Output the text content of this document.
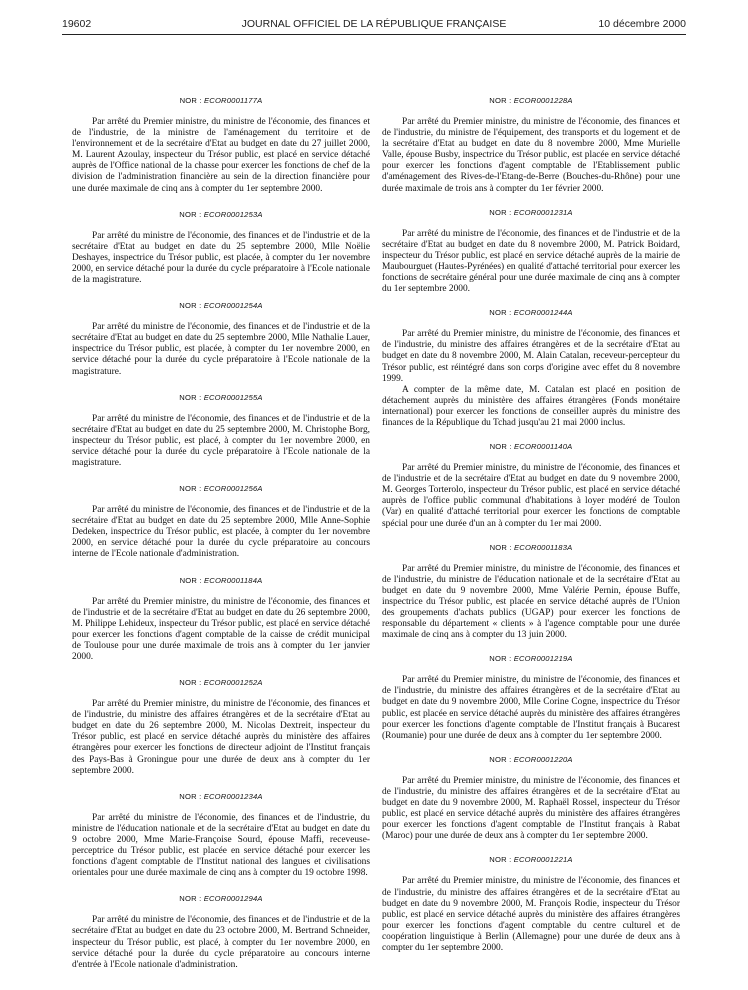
19602	JOURNAL OFFICIEL DE LA RÉPUBLIQUE FRANÇAISE	10 décembre 2000
NOR : ECOR0001177A

Par arrêté du Premier ministre, du ministre de l'économie, des finances et de l'industrie, de la ministre de l'aménagement du territoire et de l'environnement et de la secrétaire d'Etat au budget en date du 27 juillet 2000, M. Laurent Azoulay, inspecteur du Trésor public, est placé en service détaché auprès de l'Office national de la chasse pour exercer les fonctions de chef de la division de l'administration financière au sein de la direction financière pour une durée maximale de cinq ans à compter du 1er septembre 2000.

NOR : ECOR0001253A

Par arrêté du ministre de l'économie, des finances et de l'industrie et de la secrétaire d'Etat au budget en date du 25 septembre 2000, Mlle Noëlie Deshayes, inspectrice du Trésor public, est placée, à compter du 1er novembre 2000, en service détaché pour la durée du cycle préparatoire à l'Ecole nationale de la magistrature.

NOR : ECOR0001254A

Par arrêté du ministre de l'économie, des finances et de l'industrie et de la secrétaire d'Etat au budget en date du 25 septembre 2000, Mlle Nathalie Lauer, inspectrice du Trésor public, est placée, à compter du 1er novembre 2000, en service détaché pour la durée du cycle préparatoire à l'Ecole nationale de la magistrature.

NOR : ECOR0001255A

Par arrêté du ministre de l'économie, des finances et de l'industrie et de la secrétaire d'Etat au budget en date du 25 septembre 2000, M. Christophe Borg, inspecteur du Trésor public, est placé, à compter du 1er novembre 2000, en service détaché pour la durée du cycle préparatoire à l'Ecole nationale de la magistrature.

NOR : ECOR0001256A

Par arrêté du ministre de l'économie, des finances et de l'industrie et de la secrétaire d'Etat au budget en date du 25 septembre 2000, Mlle Anne-Sophie Dedeken, inspectrice du Trésor public, est placée, à compter du 1er novembre 2000, en service détaché pour la durée du cycle préparatoire au concours interne de l'Ecole nationale d'administration.

NOR : ECOR0001184A

Par arrêté du Premier ministre, du ministre de l'économie, des finances et de l'industrie et de la secrétaire d'Etat au budget en date du 26 septembre 2000, M. Philippe Lehideux, inspecteur du Trésor public, est placé en service détaché pour exercer les fonctions d'agent comptable de la caisse de crédit municipal de Toulouse pour une durée maximale de trois ans à compter du 1er janvier 2000.

NOR : ECOR0001252A

Par arrêté du Premier ministre, du ministre de l'économie, des finances et de l'industrie, du ministre des affaires étrangères et de la secrétaire d'Etat au budget en date du 26 septembre 2000, M. Nicolas Dextreit, inspecteur du Trésor public, est placé en service détaché auprès du ministère des affaires étrangères pour exercer les fonctions de directeur adjoint de l'Institut français des Pays-Bas à Groningue pour une durée de deux ans à compter du 1er septembre 2000.

NOR : ECOR0001234A

Par arrêté du ministre de l'économie, des finances et de l'industrie, du ministre de l'éducation nationale et de la secrétaire d'Etat au budget en date du 9 octobre 2000, Mme Marie-Françoise Sourd, épouse Maffi, receveuse-perceptrice du Trésor public, est placée en service détaché pour exercer les fonctions d'agent comptable de l'Institut national des langues et civilisations orientales pour une durée maximale de cinq ans à compter du 19 octobre 1998.

NOR : ECOR0001294A

Par arrêté du ministre de l'économie, des finances et de l'industrie et de la secrétaire d'Etat au budget en date du 23 octobre 2000, M. Bertrand Schneider, inspecteur du Trésor public, est placé, à compter du 1er novembre 2000, en service détaché pour la durée du cycle préparatoire au concours interne d'entrée à l'Ecole nationale d'administration.

NOR : ECOR0001228A

Par arrêté du Premier ministre, du ministre de l'économie, des finances et de l'industrie, du ministre de l'équipement, des transports et du logement et de la secrétaire d'Etat au budget en date du 8 novembre 2000, Mme Murielle Valle, épouse Busby, inspectrice du Trésor public, est placée en service détaché pour exercer les fonctions d'agent comptable de l'Etablissement public d'aménagement des Rives-de-l'Etang-de-Berre (Bouches-du-Rhône) pour une durée maximale de trois ans à compter du 1er février 2000.

NOR : ECOR0001231A

Par arrêté du ministre de l'économie, des finances et de l'industrie et de la secrétaire d'Etat au budget en date du 8 novembre 2000, M. Patrick Boidard, inspecteur du Trésor public, est placé en service détaché auprès de la mairie de Maubourguet (Hautes-Pyrénées) en qualité d'attaché territorial pour exercer les fonctions de secrétaire général pour une durée maximale de cinq ans à compter du 1er septembre 2000.

NOR : ECOR0001244A

Par arrêté du Premier ministre, du ministre de l'économie, des finances et de l'industrie, du ministre des affaires étrangères et de la secrétaire d'Etat au budget en date du 8 novembre 2000, M. Alain Catalan, receveur-percepteur du Trésor public, est réintégré dans son corps d'origine avec effet du 8 novembre 1999.

A compter de la même date, M. Catalan est placé en position de détachement auprès du ministère des affaires étrangères (Fonds monétaire international) pour exercer les fonctions de conseiller auprès du ministre des finances de la République du Tchad jusqu'au 21 mai 2000 inclus.

NOR : ECOR0001140A

Par arrêté du Premier ministre, du ministre de l'économie, des finances et de l'industrie et de la secrétaire d'Etat au budget en date du 9 novembre 2000, M. Georges Torterolo, inspecteur du Trésor public, est placé en service détaché auprès de l'office public communal d'habitations à loyer modéré de Toulon (Var) en qualité d'attaché territorial pour exercer les fonctions de comptable spécial pour une durée d'un an à compter du 1er mai 2000.

NOR : ECOR0001183A

Par arrêté du Premier ministre, du ministre de l'économie, des finances et de l'industrie, du ministre de l'éducation nationale et de la secrétaire d'Etat au budget en date du 9 novembre 2000, Mme Valérie Pernin, épouse Buffe, inspectrice du Trésor public, est placée en service détaché auprès de l'Union des groupements d'achats publics (UGAP) pour exercer les fonctions de responsable du département « clients » à l'agence comptable pour une durée maximale de cinq ans à compter du 13 juin 2000.

NOR : ECOR0001219A

Par arrêté du Premier ministre, du ministre de l'économie, des finances et de l'industrie, du ministre des affaires étrangères et de la secrétaire d'Etat au budget en date du 9 novembre 2000, Mlle Corine Cogne, inspectrice du Trésor public, est placée en service détaché auprès du ministère des affaires étrangères pour exercer les fonctions d'agente comptable de l'Institut français à Bucarest (Roumanie) pour une durée de deux ans à compter du 1er septembre 2000.

NOR : ECOR0001220A

Par arrêté du Premier ministre, du ministre de l'économie, des finances et de l'industrie, du ministre des affaires étrangères et de la secrétaire d'Etat au budget en date du 9 novembre 2000, M. Raphaël Rossel, inspecteur du Trésor public, est placé en service détaché auprès du ministère des affaires étrangères pour exercer les fonctions d'agent comptable de l'Institut français à Rabat (Maroc) pour une durée de deux ans à compter du 1er septembre 2000.

NOR : ECOR0001221A

Par arrêté du Premier ministre, du ministre de l'économie, des finances et de l'industrie, du ministre des affaires étrangères et de la secrétaire d'Etat au budget en date du 9 novembre 2000, M. François Rodie, inspecteur du Trésor public, est placé en service détaché auprès du ministère des affaires étrangères pour exercer les fonctions d'agent comptable du centre culturel et de coopération linguistique à Berlin (Allemagne) pour une durée de deux ans à compter du 1er septembre 2000.
